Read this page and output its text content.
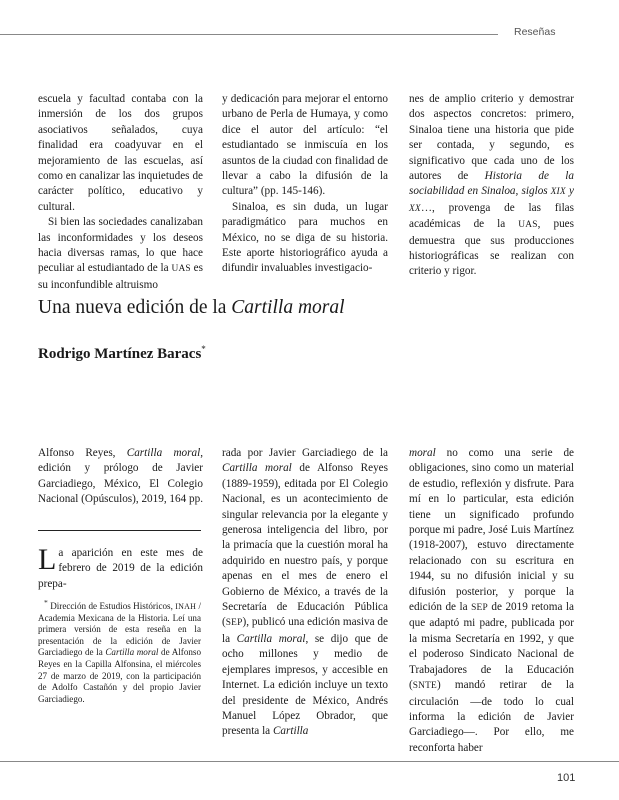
Reseñas

escuela y facultad contaba con la inmersión de los dos grupos asociativos señalados, cuya finalidad era coadyuvar en el mejoramiento de las escuelas, así como en canalizar las inquietudes de carácter político, educativo y cultural.

Si bien las sociedades canalizaban las inconformidades y los deseos hacia diversas ramas, lo que hace peculiar al estudiantado de la UAS es su inconfundible altruismo

y dedicación para mejorar el entorno urbano de Perla de Humaya, y como dice el autor del artículo: “el estudiantado se inmiscuía en los asuntos de la ciudad con finalidad de llevar a cabo la difusión de la cultura” (pp. 145-146).

Sinaloa, es sin duda, un lugar paradigmático para muchos en México, no se diga de su historia. Este aporte historiográfico ayuda a difundir invaluables investigacio-

nes de amplio criterio y demostrar dos aspectos concretos: primero, Sinaloa tiene una historia que pide ser contada, y segundo, es significativo que cada uno de los autores de Historia de la sociabilidad en Sinaloa, siglos XIX y XX…, provenga de las filas académicas de la UAS, pues demuestra que sus producciones historiográficas se realizan con criterio y rigor.

Una nueva edición de la Cartilla moral
Rodrigo Martínez Baracs*

Alfonso Reyes, Cartilla moral, edición y prólogo de Javier Garciadiego, México, El Colegio Nacional (Opúsculos), 2019, 164 pp.

La aparición en este mes de febrero de 2019 de la edición prepa-

* Dirección de Estudios Históricos, INAH / Academia Mexicana de la Historia. Leí una primera versión de esta reseña en la presentación de la edición de Javier Garciadiego de la Cartilla moral de Alfonso Reyes en la Capilla Alfonsina, el miércoles 27 de marzo de 2019, con la participación de Adolfo Castañón y del propio Javier Garciadiego.

rada por Javier Garciadiego de la Cartilla moral de Alfonso Reyes (1889-1959), editada por El Colegio Nacional, es un acontecimiento de singular relevancia por la elegante y generosa inteligencia del libro, por la primacía que la cuestión moral ha adquirido en nuestro país, y porque apenas en el mes de enero el Gobierno de México, a través de la Secretaría de Educación Pública (SEP), publicó una edición masiva de la Cartilla moral, se dijo que de ocho millones y medio de ejemplares impresos, y accesible en Internet. La edición incluye un texto del presidente de México, Andrés Manuel López Obrador, que presenta la Cartilla

moral no como una serie de obligaciones, sino como un material de estudio, reflexión y disfrute. Para mí en lo particular, esta edición tiene un significado profundo porque mi padre, José Luis Martínez (1918-2007), estuvo directamente relacionado con su escritura en 1944, su no difusión inicial y su difusión posterior, y porque la edición de la SEP de 2019 retoma la que adaptó mi padre, publicada por la misma Secretaría en 1992, y que el poderoso Sindicato Nacional de Trabajadores de la Educación (SNTE) mandó retirar de la circulación —de todo lo cual informa la edición de Javier Garciadiego—. Por ello, me reconforta haber

101
